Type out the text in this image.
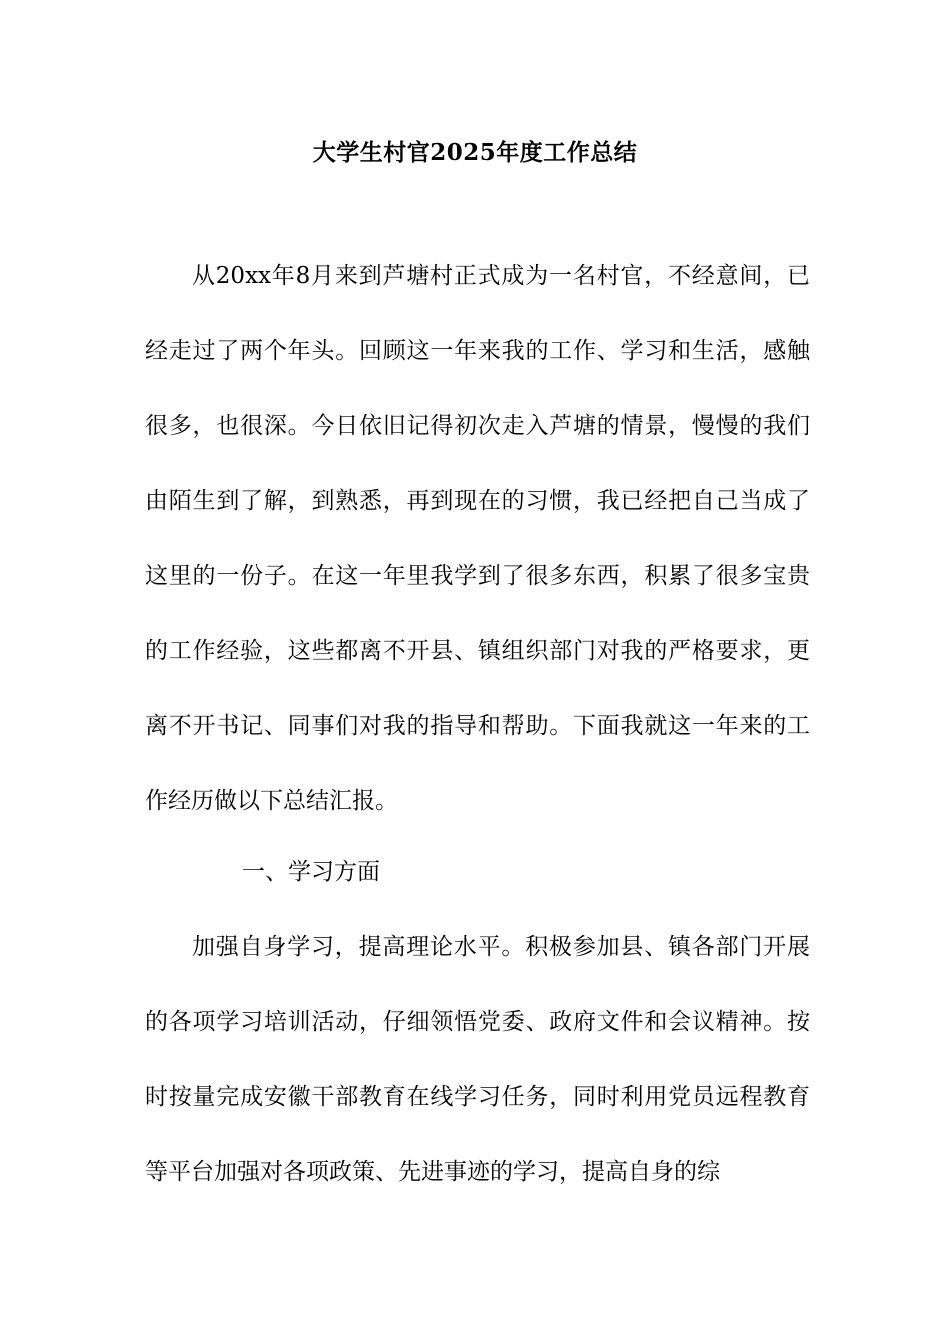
大学生村官2025年度工作总结

从20xx年8月来到芦塘村正式成为一名村官，不经意间，已经走过了两个年头。回顾这一年来我的工作、学习和生活，感触很多，也很深。今日依旧记得初次走入芦塘的情景，慢慢的我们由陌生到了解，到熟悉，再到现在的习惯，我已经把自己当成了这里的一份子。在这一年里我学到了很多东西，积累了很多宝贵的工作经验，这些都离不开县、镇组织部门对我的严格要求，更离不开书记、同事们对我的指导和帮助。下面我就这一年来的工作经历做以下总结汇报。

一、学习方面

加强自身学习，提高理论水平。积极参加县、镇各部门开展的各项学习培训活动，仔细领悟党委、政府文件和会议精神。按时按量完成安徽干部教育在线学习任务，同时利用党员远程教育等平台加强对各项政策、先进事迹的学习，提高自身的综
